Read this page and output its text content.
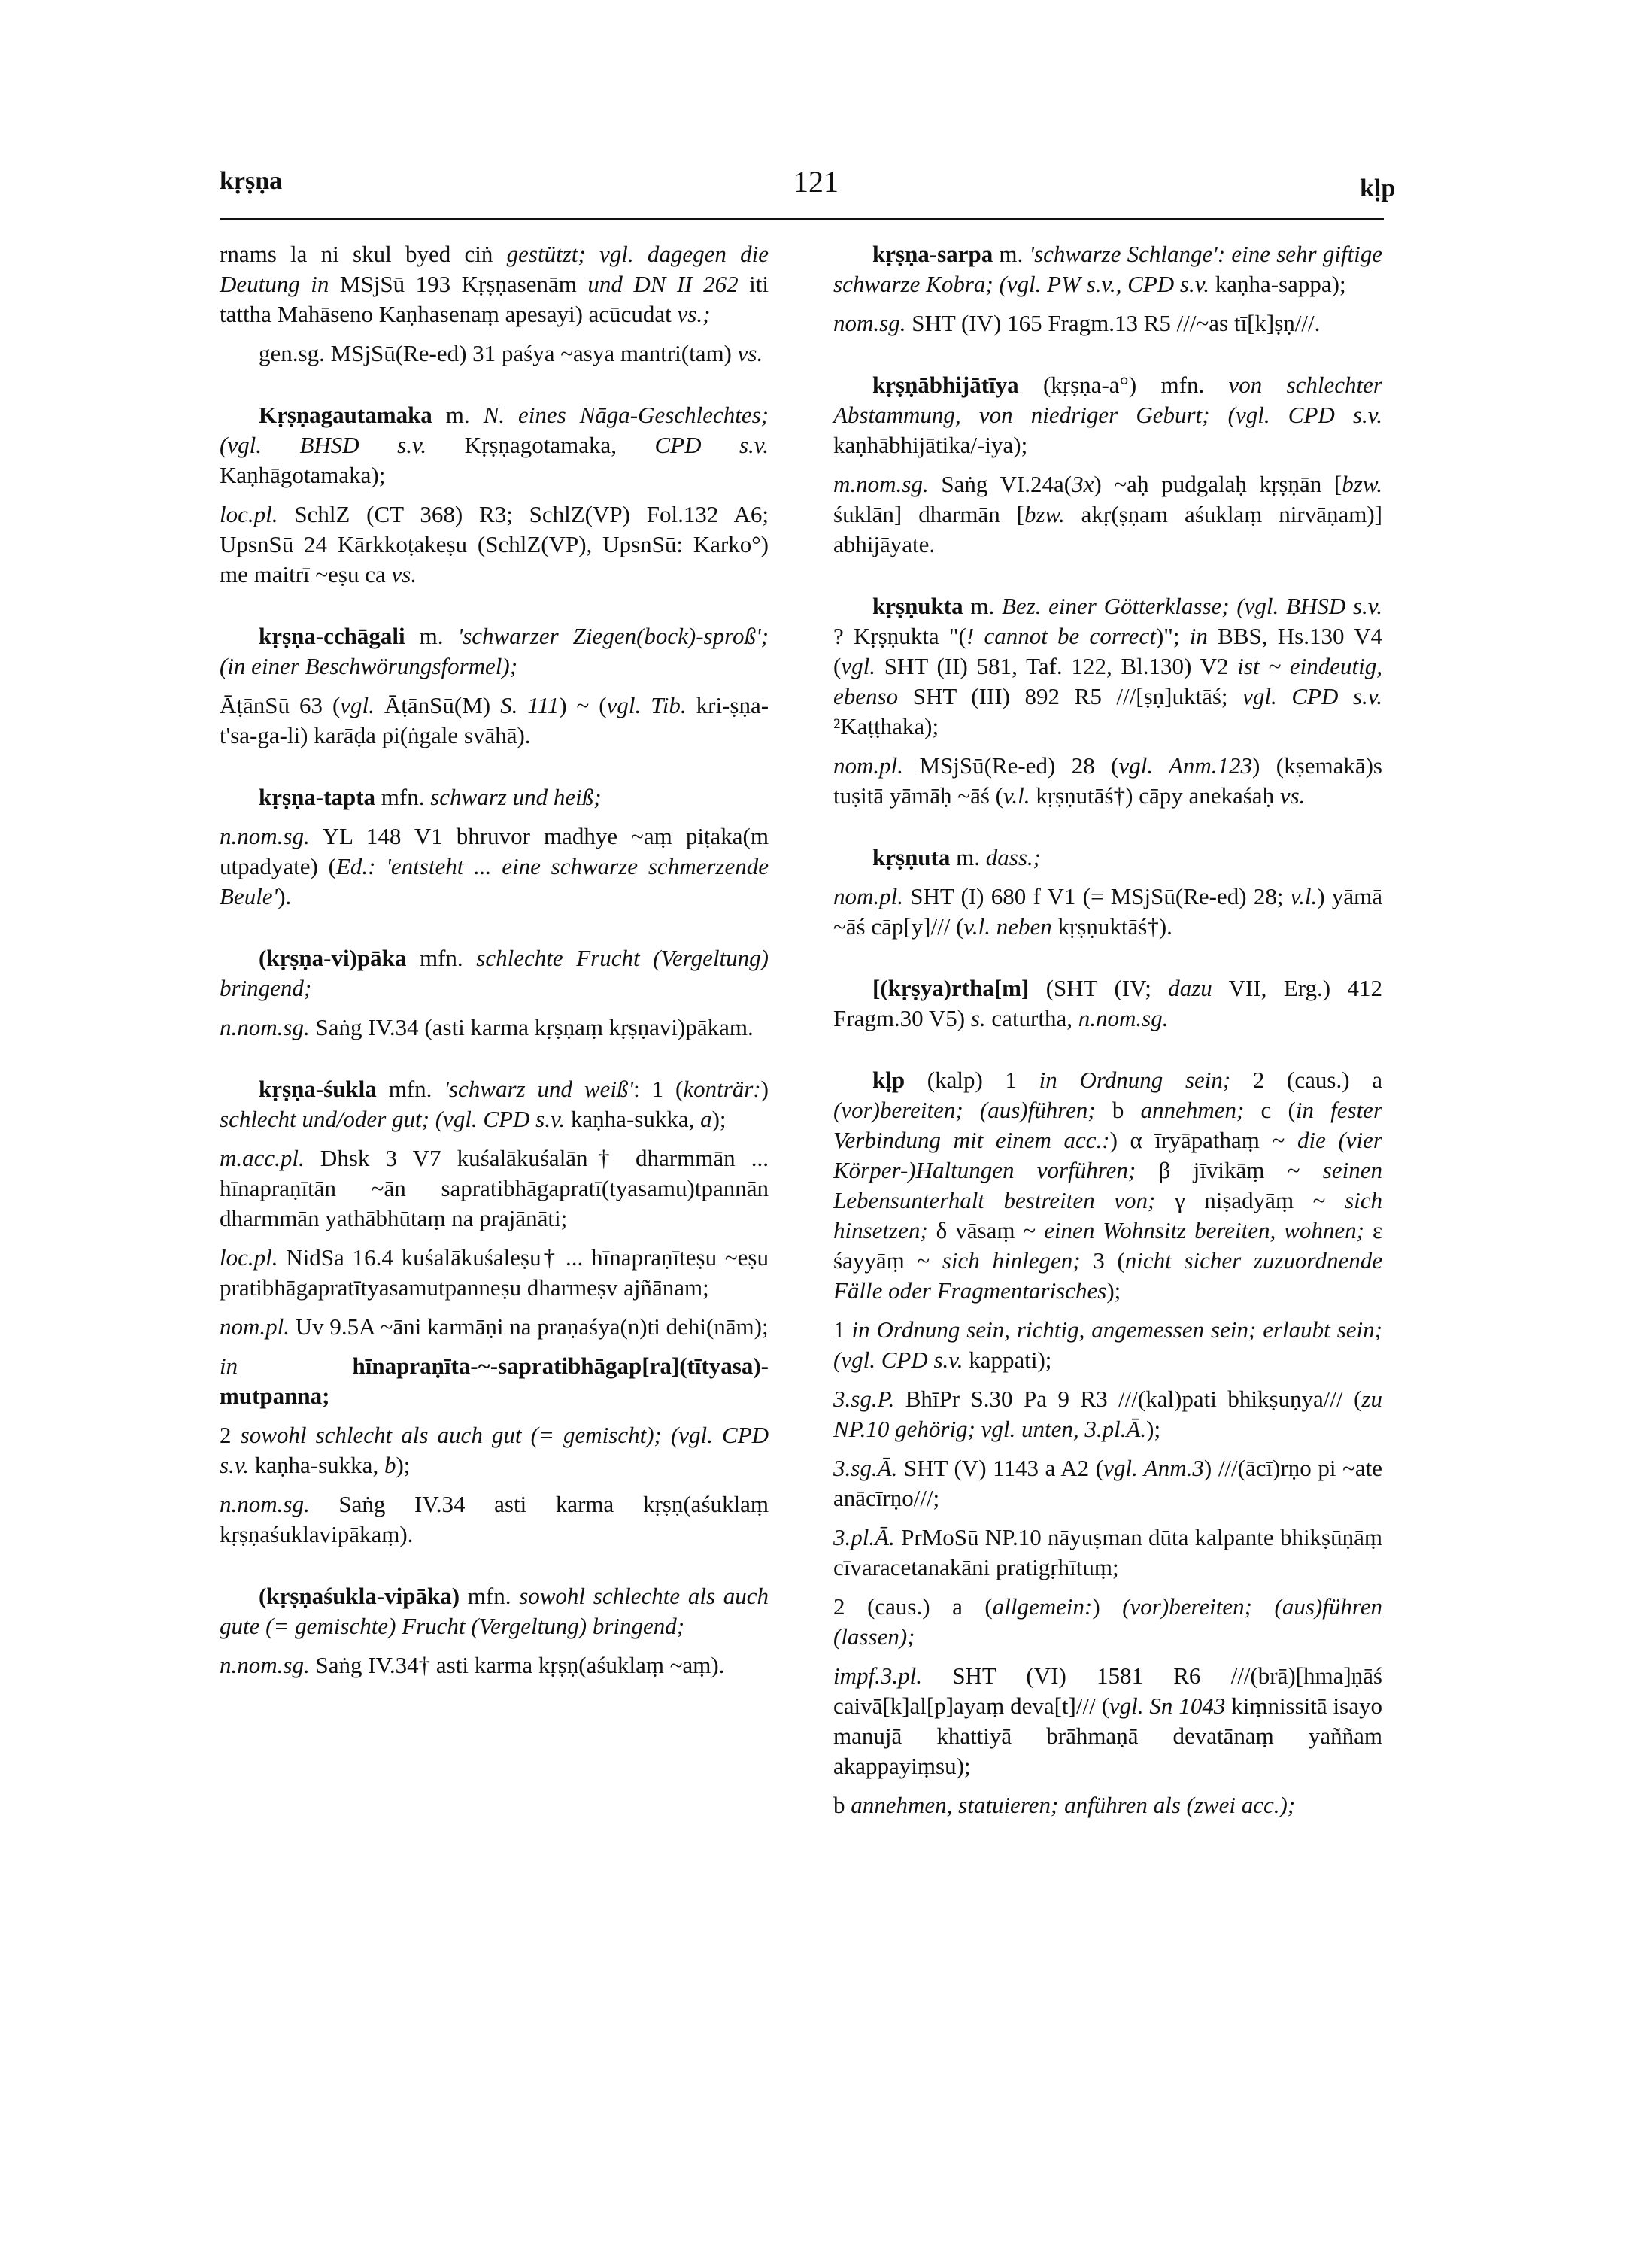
kṛṣṇa	121	kḷp

rnams la ni skul byed ciṅ gestützt; vgl. dagegen die Deutung in MSjSū 193 Kṛṣṇasenām und DN II 262 iti tattha Mahāseno Kaṇhasenaṃ apesayi) acūcudat vs.;

gen.sg. MSjSū(Re-ed) 31 paśya ~asya mantri(tam) vs.

Kṛṣṇagautamaka m. N. eines Nāga-Geschlechtes; (vgl. BHSD s.v. Kṛṣṇagotamaka, CPD s.v. Kaṇhāgotamaka);

loc.pl. SchlZ (CT 368) R3; SchlZ(VP) Fol.132 A6; UpsnSū 24 Kārkkoṭakeṣu (SchlZ(VP), UpsnSū: Karko°) me maitrī ~eṣu ca vs.

kṛṣṇa-cchāgali m. 'schwarzer Ziegen(bock)-sproß'; (in einer Beschwörungsformel);

ĀṭānSū 63 (vgl. ĀṭānSū(M) S. 111) ~ (vgl. Tib. kri-ṣṇa-t'sa-ga-li) karāḍa pi(ṅgale svāhā).

kṛṣṇa-tapta mfn. schwarz und heiß;

n.nom.sg. YL 148 V1 bhruvor madhye ~aṃ piṭaka(m utpadyate) (Ed.: 'entsteht ... eine schwarze schmerzende Beule').

(kṛṣṇa-vi)pāka mfn. schlechte Frucht (Vergeltung) bringend;

n.nom.sg. Saṅg IV.34 (asti karma kṛṣṇaṃ kṛṣṇavi)pākam.

kṛṣṇa-śukla mfn. 'schwarz und weiß': 1 (konträr:) schlecht und/oder gut; (vgl. CPD s.v. kaṇha-sukka, a);

m.acc.pl. Dhsk 3 V7 kuśalākuśalān† dharmmān ... hīnapraṇītān ~ān sapratibhāgapratī(tyasamu)tpannān dharmmān yathābhūtaṃ na prajānāti;

loc.pl. NidSa 16.4 kuśalākuśaleṣu† ... hīnapraṇīteṣu ~eṣu pratibhāgapratītyasamutpanneṣu dharmeṣv ajñānam;

nom.pl. Uv 9.5A ~āni karmāṇi na praṇaśya(n)ti dehi(nām);

in	hīnapraṇīta-~-sapratibhāgap[ra](tītyasa)-mutpanna;

2 sowohl schlecht als auch gut (= gemischt); (vgl. CPD s.v. kaṇha-sukka, b);

n.nom.sg. Saṅg IV.34 asti karma kṛṣṇ(aśuklaṃ kṛṣṇaśuklavipākaṃ).

(kṛṣṇaśukla-vipāka) mfn. sowohl schlechte als auch gute (= gemischte) Frucht (Vergeltung) bringend;

n.nom.sg. Saṅg IV.34† asti karma kṛṣṇ(aśuklaṃ ~aṃ).

kṛṣṇa-sarpa m. 'schwarze Schlange': eine sehr giftige schwarze Kobra; (vgl. PW s.v., CPD s.v. kaṇha-sappa);

nom.sg. SHT (IV) 165 Fragm.13 R5 ///~as tī[k]ṣṇ///.

kṛṣṇābhijātīya (kṛṣṇa-a°) mfn. von schlechter Abstammung, von niedriger Geburt; (vgl. CPD s.v. kaṇhābhijātika/-iya);

m.nom.sg. Saṅg VI.24a(3x) ~aḥ pudgalaḥ kṛṣṇān [bzw. śuklān] dharmān [bzw. akṛ(ṣṇam aśuklaṃ nirvāṇam)] abhijāyate.

kṛṣṇukta m. Bez. einer Götterklasse; (vgl. BHSD s.v. ? Kṛṣṇukta "(! cannot be correct)"; in BBS, Hs.130 V4 (vgl. SHT (II) 581, Taf. 122, Bl.130) V2 ist ~ eindeutig, ebenso SHT (III) 892 R5 ///[ṣṇ]uktāś; vgl. CPD s.v. ²Kaṭṭhaka);

nom.pl. MSjSū(Re-ed) 28 (vgl. Anm.123) (kṣemakā)s tuṣitā yāmāḥ ~āś (v.l. kṛṣṇutāś†) cāpy anekaśaḥ vs.

kṛṣṇuta m. dass.;

nom.pl. SHT (I) 680 f V1 (= MSjSū(Re-ed) 28; v.l.) yāmā ~āś cāp[y]/// (v.l. neben kṛṣṇuktāś†).

[(kṛṣya)rtha[m] (SHT (IV; dazu VII, Erg.) 412 Fragm.30 V5) s. caturtha, n.nom.sg.

kḷp (kalp) 1 in Ordnung sein; 2 (caus.) a (vor)bereiten; (aus)führen; b annehmen; c (in fester Verbindung mit einem acc.:) α īryāpathaṃ ~ die (vier Körper-)Haltungen vorführen; β jīvikāṃ ~ seinen Lebensunterhalt bestreiten von; γ niṣadyāṃ ~ sich hinsetzen; δ vāsaṃ ~ einen Wohnsitz bereiten, wohnen; ε śayyāṃ ~ sich hinlegen; 3 (nicht sicher zuzuordnende Fälle oder Fragmentarisches);

1 in Ordnung sein, richtig, angemessen sein; erlaubt sein; (vgl. CPD s.v. kappati);

3.sg.P. BhīPr S.30 Pa 9 R3 ///(kal)pati bhikṣuṇya/// (zu NP.10 gehörig; vgl. unten, 3.pl.Ā.);

3.sg.Ā. SHT (V) 1143 a A2 (vgl. Anm.3) ///(ācī)rṇo pi ~ate anācīrṇo///;

3.pl.Ā. PrMoSū NP.10 nāyuṣman dūta kalpante bhikṣūṇāṃ cīvaracetanakāni pratigṛhītuṃ;

2 (caus.) a (allgemein:) (vor)bereiten; (aus)führen (lassen);

impf.3.pl. SHT (VI) 1581 R6 ///(brā)[hma]ṇāś caivā[k]al[p]ayaṃ deva[t]/// (vgl. Sn 1043 kiṃnissitā isayo manujā khattiyā brāhmaṇā devatānaṃ yaññam akappayiṃsu);

b annehmen, statuieren; anführen als (zwei acc.);
